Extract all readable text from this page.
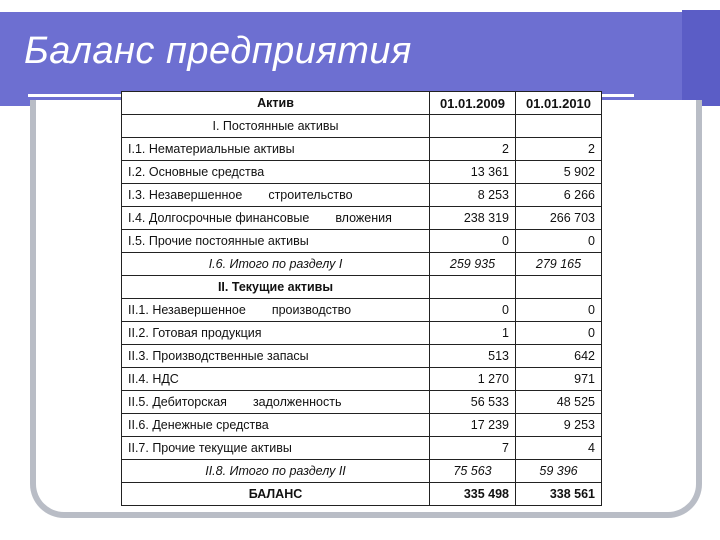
Баланс предприятия
Актив	01.01.2009	01.01.2010
I. Постоянные активы		
I.1. Нематериальные активы	2	2
I.2. Основные средства	13 361	5 902
I.3. Незавершенное строительство	8 253	6 266
I.4. Долгосрочные финансовые вложения	238 319	266 703
I.5. Прочие постоянные активы	0	0
I.6. Итого по разделу I	259 935	279 165
II. Текущие активы		
II.1. Незавершенное производство	0	0
II.2. Готовая продукция	1	0
II.3. Производственные запасы	513	642
II.4. НДС	1 270	971
II.5. Дебиторская задолженность	56 533	48 525
II.6. Денежные средства	17 239	9 253
II.7. Прочие текущие активы	7	4
II.8. Итого по разделу II	75 563	59 396
БАЛАНС	335 498	338 561
